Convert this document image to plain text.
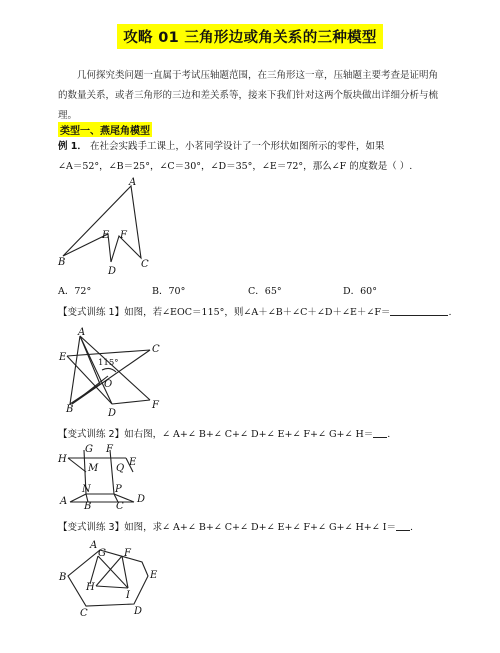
攻略 01 三角形边或角关系的三种模型

几何探究类问题一直属于考试压轴题范围，在三角形这一章，压轴题主要考查是证明角的数量关系，或者三角形的三边和差关系等，接来下我们针对这两个版块做出详细分析与梳理。

类型一、燕尾角模型
例 1． 在社会实践手工课上，小茗同学设计了一个形状如图所示的零件，如果
∠A＝52°，∠B＝25°，∠C＝30°，∠D＝35°，∠E＝72°，那么∠F 的度数是（ ）.
A
B	C
D
E F
A．72°	B．70°	C．65°	D．60°
【变式训练 1】如图，若∠EOC＝115°，则∠A＋∠B＋∠C＋∠D＋∠E＋∠F＝	.
115°
A
B
C
D
E
F
O
【变式训练 2】如右图，∠ A+∠ B+∠ C+∠ D+∠ E+∠ F+∠ G+∠ H＝ .
H
G F
E
M Q
N P
A B C
D
【变式训练 3】如图，求∠ A+∠ B+∠ C+∠ D+∠ E+∠ F+∠ G+∠ H+∠ I＝ .
A
B
C	D
E
F
G
H
I
